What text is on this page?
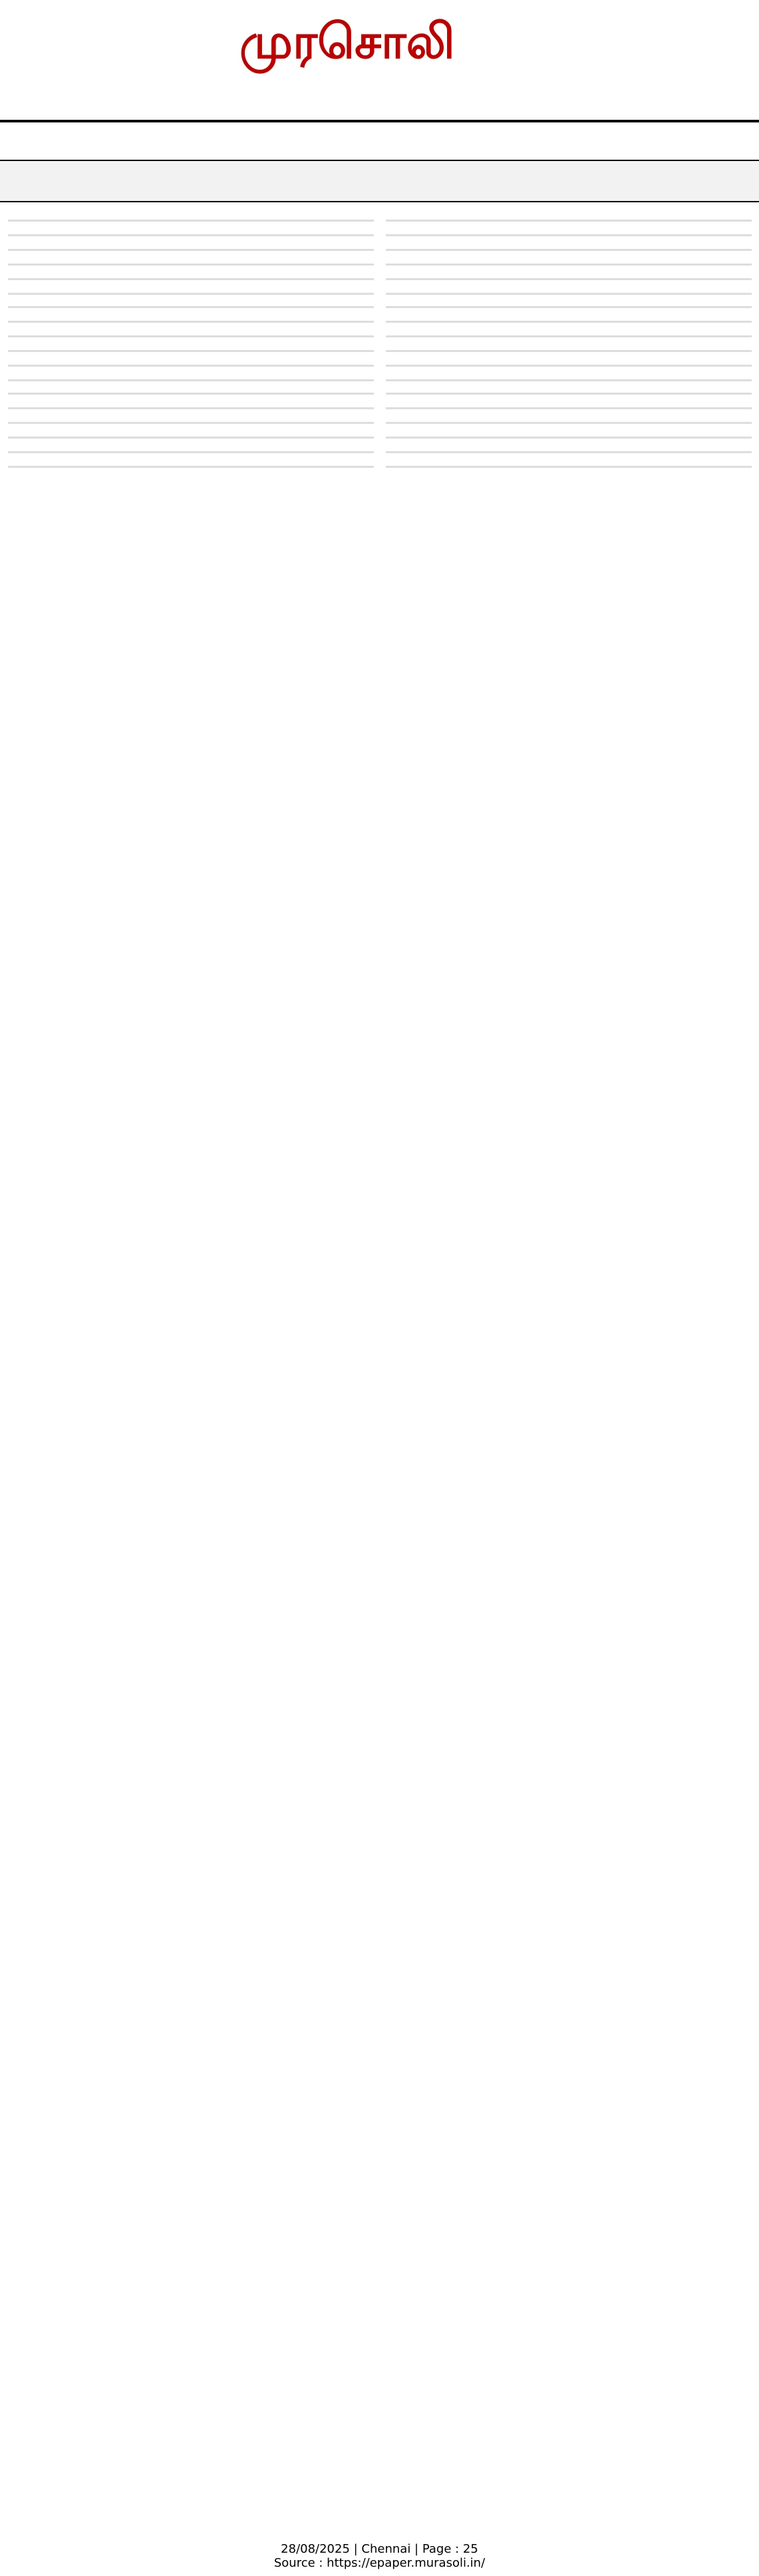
முரசொலி
28/08/2025 | Chennai | Page : 25
Source : https://epaper.murasoli.in/
